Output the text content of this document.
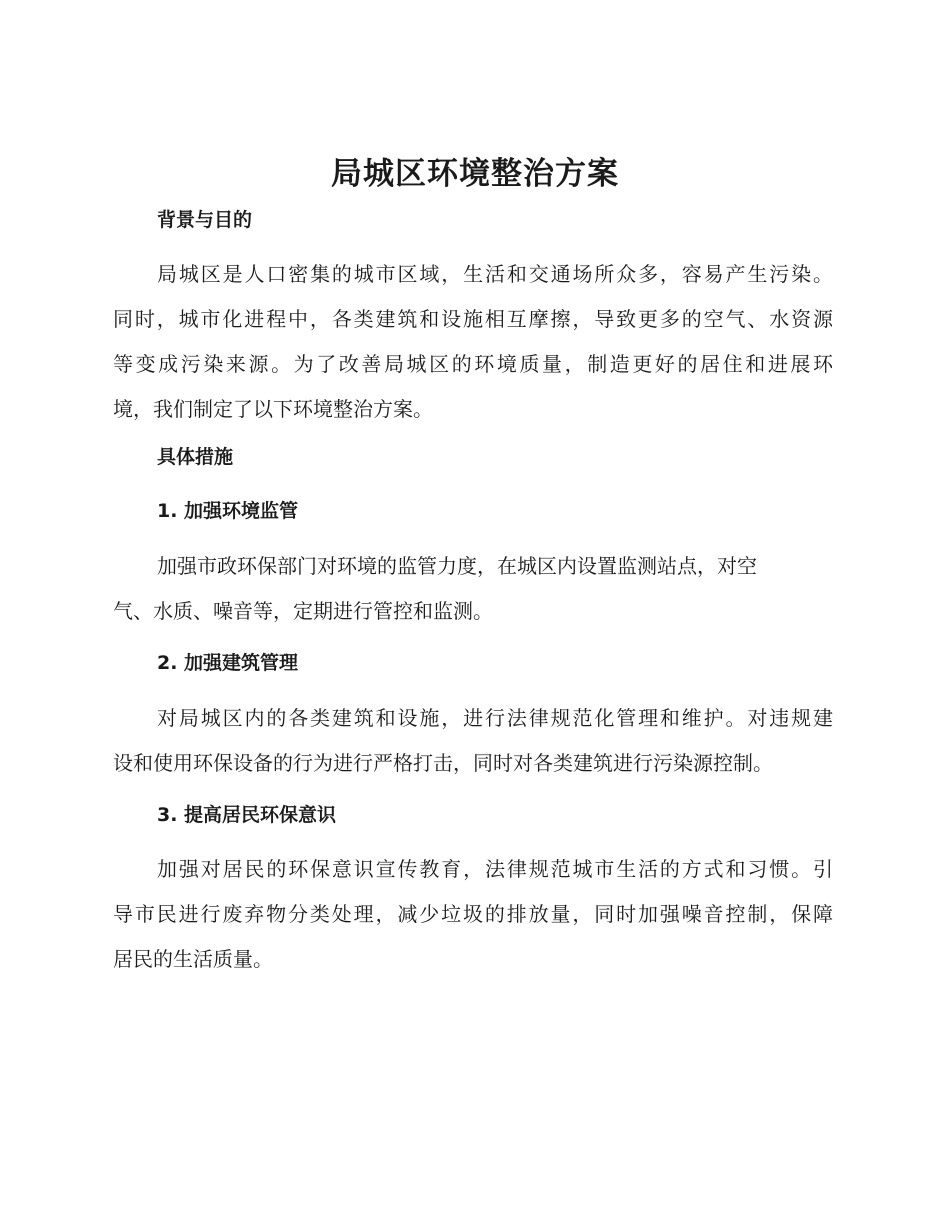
局城区环境整治方案
背景与目的
局城区是人口密集的城市区域，生活和交通场所众多，容易产生污染。
同时，城市化进程中，各类建筑和设施相互摩擦，导致更多的空气、水资源
等变成污染来源。为了改善局城区的环境质量，制造更好的居住和进展环
境，我们制定了以下环境整治方案。
具体措施
1. 加强环境监管
加强市政环保部门对环境的监管力度，在城区内设置监测站点，对空
气、水质、噪音等，定期进行管控和监测。
2. 加强建筑管理
对局城区内的各类建筑和设施，进行法律规范化管理和维护。对违规建
设和使用环保设备的行为进行严格打击，同时对各类建筑进行污染源控制。
3. 提高居民环保意识
加强对居民的环保意识宣传教育，法律规范城市生活的方式和习惯。引
导市民进行废弃物分类处理，减少垃圾的排放量，同时加强噪音控制，保障
居民的生活质量。
